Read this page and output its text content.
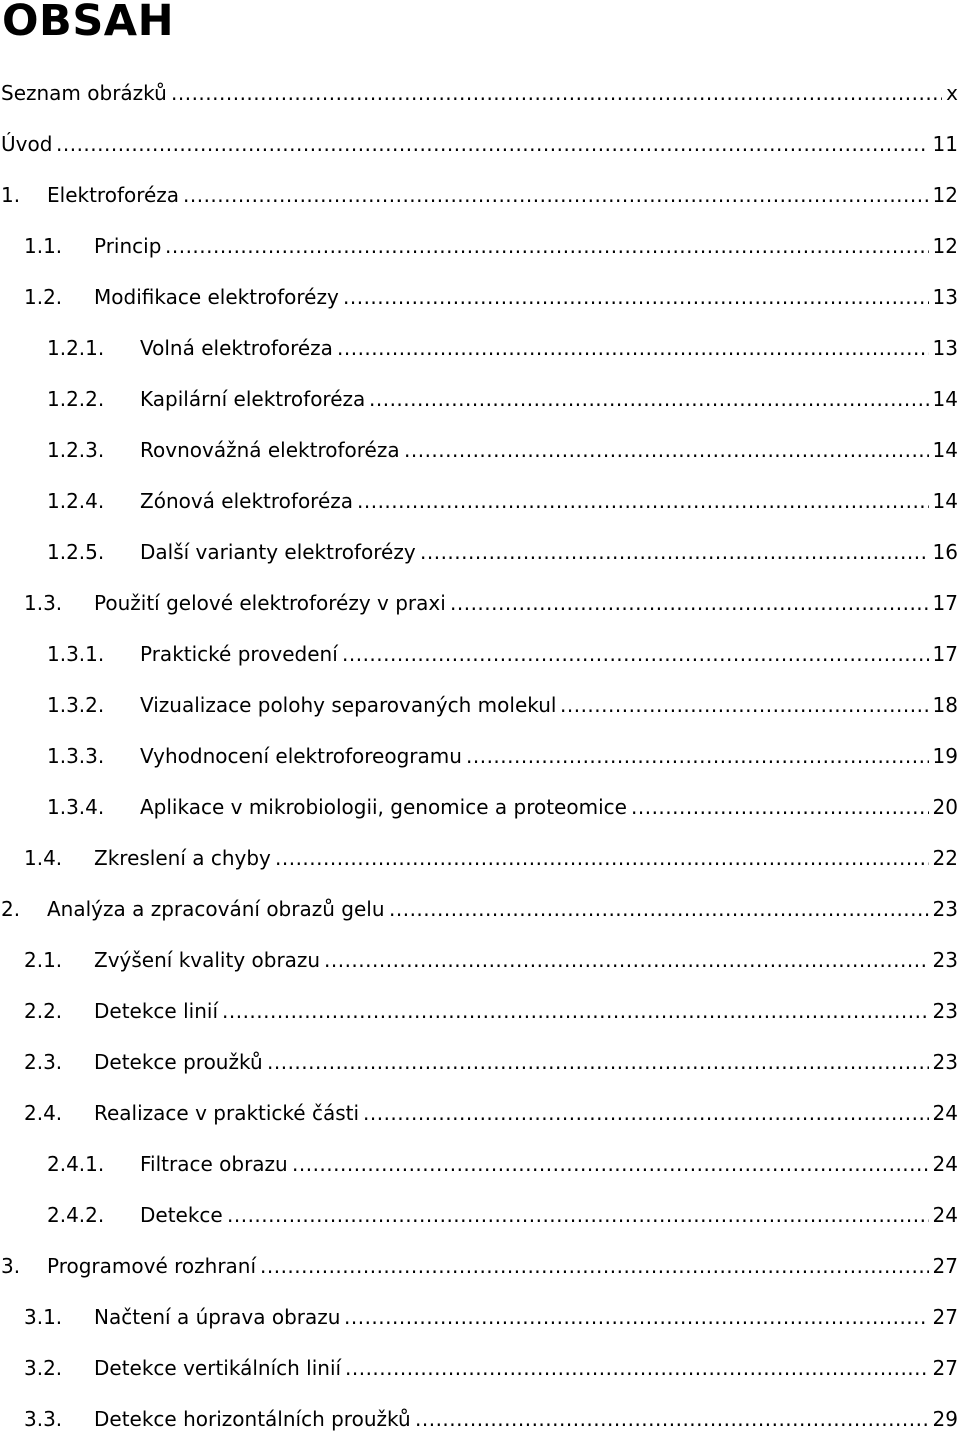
OBSAH
Seznam obrázků .....	x
Úvod .....	11
1. Elektroforéza .....	12
1.1. Princip .....	12
1.2. Modifikace elektroforézy .....	13
1.2.1. Volná elektroforéza .....	13
1.2.2. Kapilární elektroforéza .....	14
1.2.3. Rovnovážná elektroforéza .....	14
1.2.4. Zónová elektroforéza .....	14
1.2.5. Další varianty elektroforézy .....	16
1.3. Použití gelové elektroforézy v praxi .....	17
1.3.1. Praktické provedení .....	17
1.3.2. Vizualizace polohy separovaných molekul .....	18
1.3.3. Vyhodnocení elektroforeogramu .....	19
1.3.4. Aplikace v mikrobiologii, genomice a proteomice .....	20
1.4. Zkreslení a chyby .....	22
2. Analýza a zpracování obrazů gelu .....	23
2.1. Zvýšení kvality obrazu .....	23
2.2. Detekce linií .....	23
2.3. Detekce proužků .....	23
2.4. Realizace v praktické části .....	24
2.4.1. Filtrace obrazu .....	24
2.4.2. Detekce .....	24
3. Programové rozhraní .....	27
3.1. Načtení a úprava obrazu .....	27
3.2. Detekce vertikálních linií .....	27
3.3. Detekce horizontálních proužků .....	29
